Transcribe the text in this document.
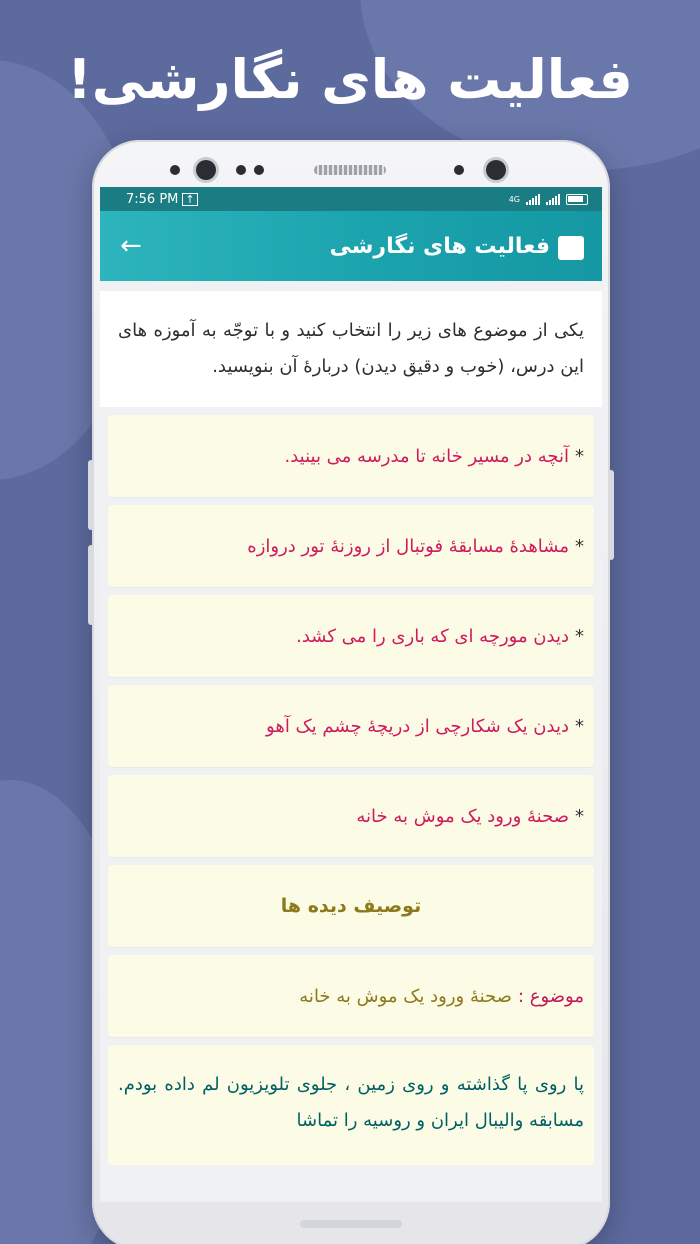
فعالیت های نگارشی!
7:56 PM ↑	4G
←	فعالیت های نگارشی
یکی از موضوع های زیر را انتخاب کنید و با توجّه به آموزه های این درس، (خوب و دقیق دیدن) دربارهٔ آن بنویسید.
*
آنچه در مسیر خانه تا مدرسه می بینید.
*
مشاهدهٔ مسابقهٔ فوتبال از روزنهٔ تور دروازه
*
دیدن مورچه ای که باری را می کشد.
*
دیدن یک شکارچی از دریچهٔ چشم یک آهو
*
صحنهٔ ورود یک موش به خانه
توصیف دیده ها
موضوع :
صحنهٔ ورود یک موش به خانه
پا روی پا گذاشته و روی زمین ، جلوی تلویزیون لم داده بودم. مسابقه والیبال ایران و روسیه را تماشا
